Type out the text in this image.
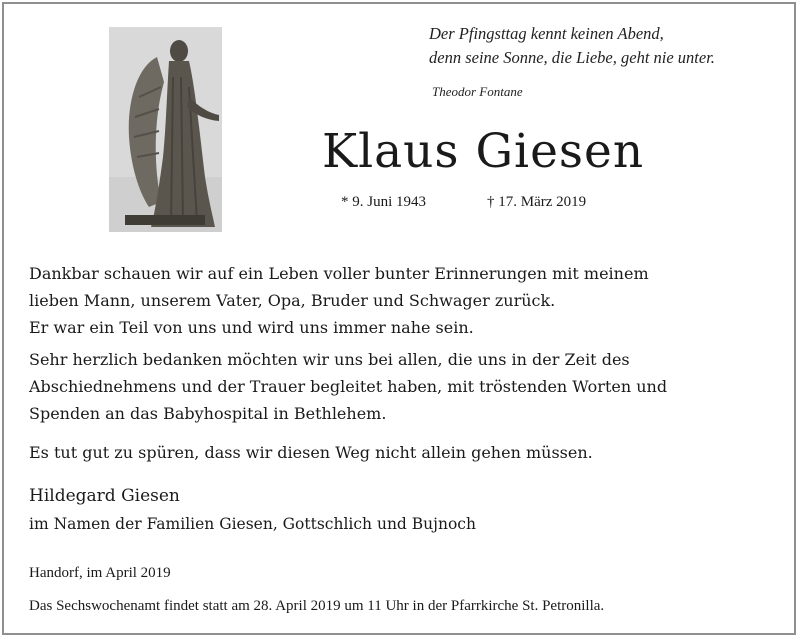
Der Pfingsttag kennt keinen Abend,
denn seine Sonne, die Liebe, geht nie unter.
Theodor Fontane
Klaus Giesen
* 9. Juni 1943	† 17. März 2019
Dankbar schauen wir auf ein Leben voller bunter Erinnerungen mit meinem
lieben Mann, unserem Vater, Opa, Bruder und Schwager zurück.
Er war ein Teil von uns und wird uns immer nahe sein.
Sehr herzlich bedanken möchten wir uns bei allen, die uns in der Zeit des
Abschiednehmens und der Trauer begleitet haben, mit tröstenden Worten und
Spenden an das Babyhospital in Bethlehem.
Es tut gut zu spüren, dass wir diesen Weg nicht allein gehen müssen.
Hildegard Giesen
im Namen der Familien Giesen, Gottschlich und Bujnoch
Handorf, im April 2019
Das Sechswochenamt findet statt am 28. April 2019 um 11 Uhr in der Pfarrkirche St. Petronilla.
